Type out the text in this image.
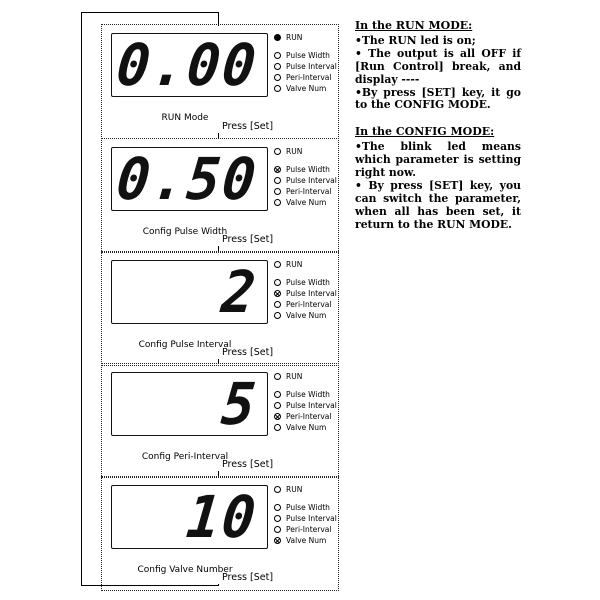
0.00
RUN Mode
RUN
Pulse Width
Pulse Interval
Peri-Interval
Valve Num
Press [Set]
0.50
Config Pulse Width
RUN
Pulse Width
Pulse Interval
Peri-Interval
Valve Num
Press [Set]
2
Config Pulse Interval
RUN
Pulse Width
Pulse Interval
Peri-Interval
Valve Num
Press [Set]
5
Config Peri-Interval
RUN
Pulse Width
Pulse Interval
Peri-Interval
Valve Num
Press [Set]
10
Config Valve Number
RUN
Pulse Width
Pulse Interval
Peri-Interval
Valve Num
Press [Set]
In the RUN MODE:

•The RUN led is on;

• The output is all OFF if [Run Control] break, and display ----

•By press [SET] key, it go to the CONFIG MODE.

In the CONFIG MODE:

•The blink led means which parameter is setting right now.

• By press [SET] key, you can switch the parameter, when all has been set, it return to the RUN MODE.
